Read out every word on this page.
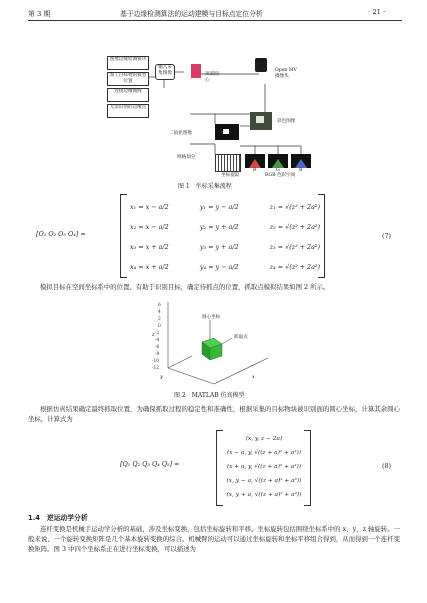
第 3 期	基于边缘检测算法的运动建模与目标点定位分析	· 21 ·
图像边缘检测模块
加工目标物的模型位置
连接边缘曲线
无法识别的边缘点
输入采集图像	顶部圆心
Open MV 摄像头
彩色图像
二值化图像
网格划分
坐标提取
R	G	B
RGB 色彩空间
图 1　坐标采集流程
[O₁ O₂ O₃ O₄] =
x₁ = x − a/2	y₁ = y − a/2	z₁ = √(z² + 2a²)
x₂ = x − a/2	y₂ = y + a/2	z₂ = √(z² + 2a²)
x₃ = x + a/2	y₃ = y + a/2	z₃ = √(z² + 2a²)
x₄ = x + a/2	y₄ = y − a/2	z₄ = √(z² + 2a²)
(7)
模拟目标在空间坐标系中的位置、有助于识别目标，确定待抓点的位置，抓取点模拟结果如图 2 所示。
6
4
2
0
-2
-4
-6
-8
-10
-12
z
y	x
圆心坐标
抓取点
图 2　MATLAB 仿真模型
根据仿真结果确定最终抓取位置，为确保抓取过程的稳定性和准确性，根据采集的目标物块被识别面的圆心坐标，计算其余圆心坐标，计算式为
[Q₁ Q₂ Q₃ Q₄ Q₅] =
(x, y, z − 2a)
(x − a, y, √((z + a)² + a²))
(x + a, y, √((z + a)² + a²))
(x, y − a, √((z + a)² + a²))
(x, y + a, √((z + a)² + a²))
(8)
1.4　逆运动学分析
连杆变换是机械手运动学分析的基础，涉及坐标变换，包括坐标旋转和平移。坐标旋转包括围绕坐标系中的 x，y，z 轴旋转。一般来说，一个旋转变换矩阵是几个基本旋转变换的综合。机械臂的运动可以通过坐标旋转和坐标平移组合得到，从而得到一个连杆变换矩阵。图 3 中四个坐标系正在进行坐标变换，可以描述为
